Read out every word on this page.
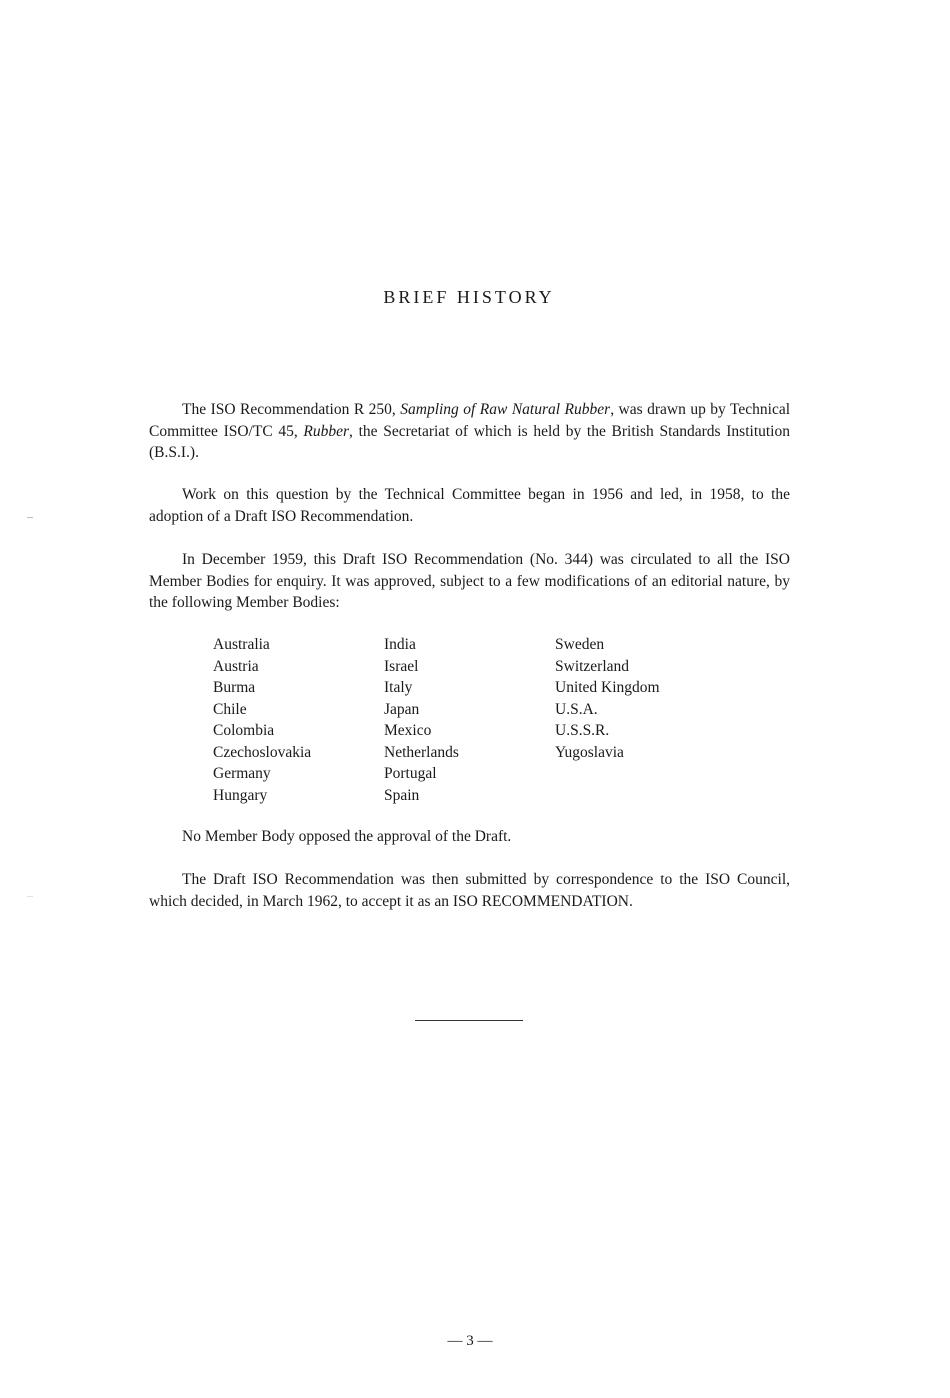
BRIEF HISTORY

The ISO Recommendation R 250, Sampling of Raw Natural Rubber, was drawn up by Technical Committee ISO/TC 45, Rubber, the Secretariat of which is held by the British Standards Institution (B.S.I.).

Work on this question by the Technical Committee began in 1956 and led, in 1958, to the adoption of a Draft ISO Recommendation.

In December 1959, this Draft ISO Recommendation (No. 344) was circulated to all the ISO Member Bodies for enquiry. It was approved, subject to a few modifications of an editorial nature, by the following Member Bodies:

Australia
Austria
Burma
Chile
Colombia
Czechoslovakia
Germany
Hungary
India
Israel
Italy
Japan
Mexico
Netherlands
Portugal
Spain
Sweden
Switzerland
United Kingdom
U.S.A.
U.S.S.R.
Yugoslavia

No Member Body opposed the approval of the Draft.

The Draft ISO Recommendation was then submitted by correspondence to the ISO Council, which decided, in March 1962, to accept it as an ISO RECOMMENDATION.

— 3 —
